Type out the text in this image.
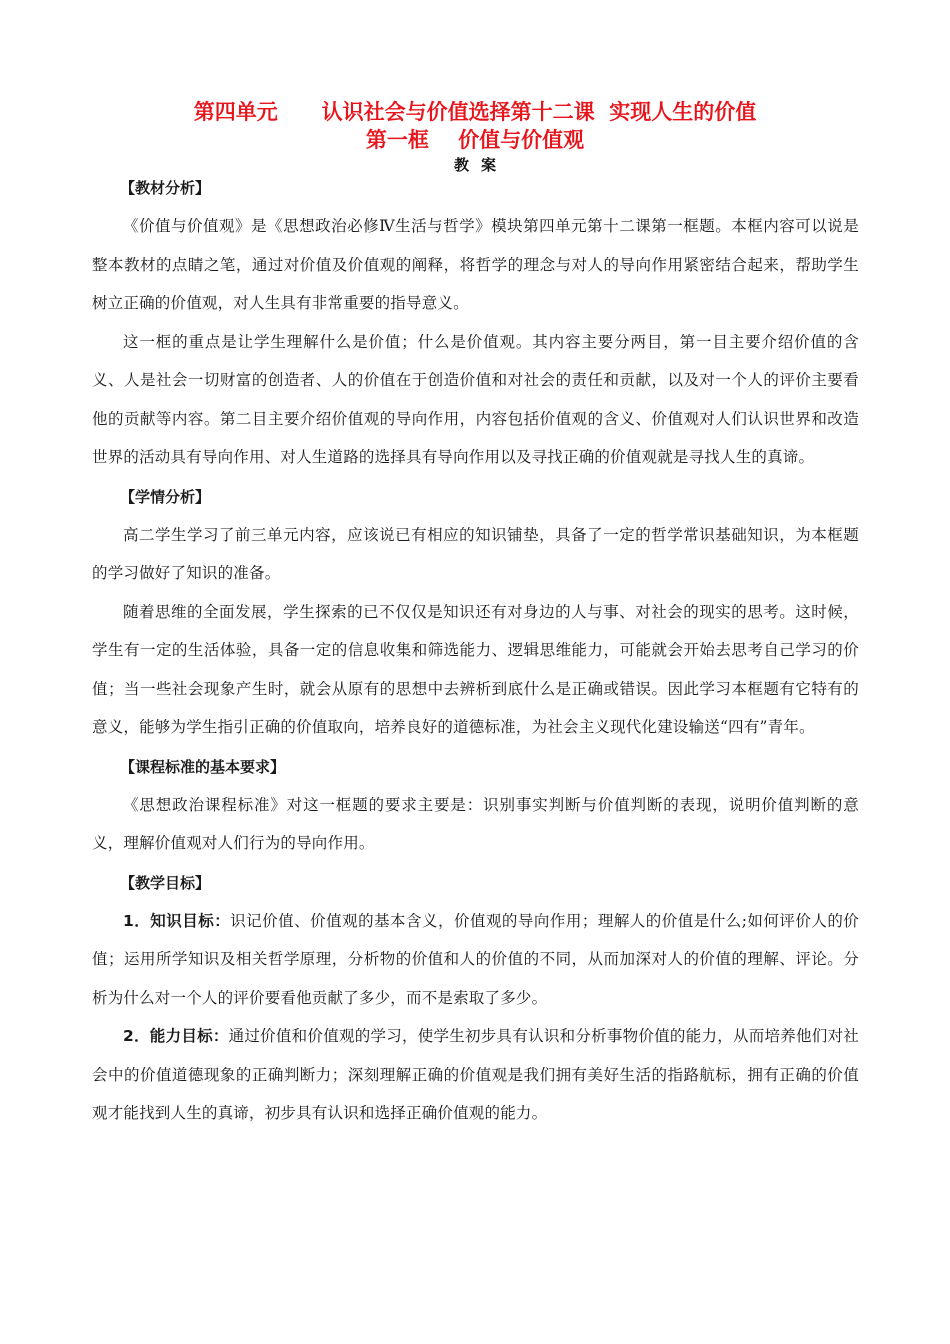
第四单元      认识社会与价值选择第十二课  实现人生的价值
第一框    价值与价值观
教案
【教材分析】

《价值与价值观》是《思想政治必修Ⅳ生活与哲学》模块第四单元第十二课第一框题。本框内容可以说是整本教材的点睛之笔，通过对价值及价值观的阐释，将哲学的理念与对人的导向作用紧密结合起来，帮助学生树立正确的价值观，对人生具有非常重要的指导意义。

这一框的重点是让学生理解什么是价值；什么是价值观。其内容主要分两目，第一目主要介绍价值的含义、人是社会一切财富的创造者、人的价值在于创造价值和对社会的责任和贡献，以及对一个人的评价主要看他的贡献等内容。第二目主要介绍价值观的导向作用，内容包括价值观的含义、价值观对人们认识世界和改造世界的活动具有导向作用、对人生道路的选择具有导向作用以及寻找正确的价值观就是寻找人生的真谛。

【学情分析】

高二学生学习了前三单元内容，应该说已有相应的知识铺垫，具备了一定的哲学常识基础知识，为本框题的学习做好了知识的准备。

随着思维的全面发展，学生探索的已不仅仅是知识还有对身边的人与事、对社会的现实的思考。这时候，学生有一定的生活体验，具备一定的信息收集和筛选能力、逻辑思维能力，可能就会开始去思考自己学习的价值；当一些社会现象产生时，就会从原有的思想中去辨析到底什么是正确或错误。因此学习本框题有它特有的意义，能够为学生指引正确的价值取向，培养良好的道德标准，为社会主义现代化建设输送“四有”青年。

【课程标准的基本要求】

《思想政治课程标准》对这一框题的要求主要是：识别事实判断与价值判断的表现，说明价值判断的意义，理解价值观对人们行为的导向作用。

【教学目标】

1．知识目标：识记价值、价值观的基本含义，价值观的导向作用；理解人的价值是什么;如何评价人的价值；运用所学知识及相关哲学原理，分析物的价值和人的价值的不同，从而加深对人的价值的理解、评论。分析为什么对一个人的评价要看他贡献了多少，而不是索取了多少。

2．能力目标：通过价值和价值观的学习，使学生初步具有认识和分析事物价值的能力，从而培养他们对社会中的价值道德现象的正确判断力；深刻理解正确的价值观是我们拥有美好生活的指路航标，拥有正确的价值观才能找到人生的真谛，初步具有认识和选择正确价值观的能力。
